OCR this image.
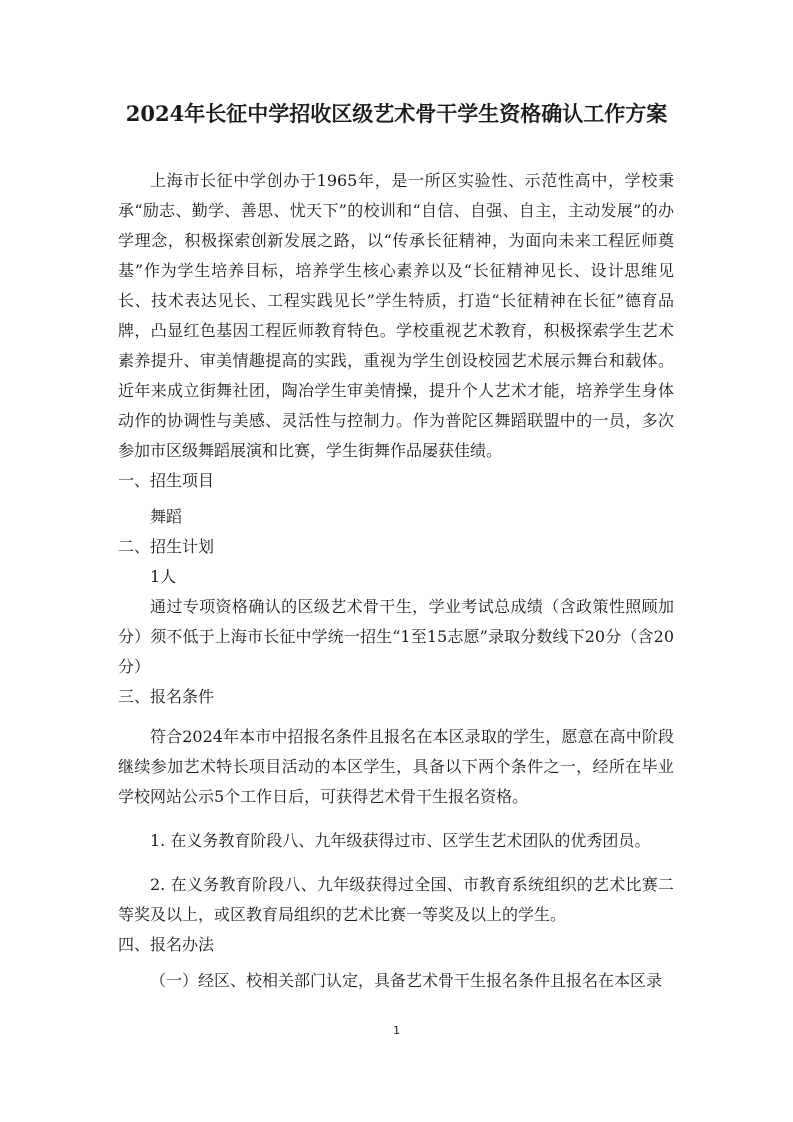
2024年长征中学招收区级艺术骨干学生资格确认工作方案

上海市长征中学创办于1965年，是一所区实验性、示范性高中，学校秉承“励志、勤学、善思、忧天下”的校训和“自信、自强、自主，主动发展”的办学理念，积极探索创新发展之路，以“传承长征精神，为面向未来工程匠师奠基”作为学生培养目标，培养学生核心素养以及“长征精神见长、设计思维见长、技术表达见长、工程实践见长”学生特质，打造“长征精神在长征”德育品牌，凸显红色基因工程匠师教育特色。学校重视艺术教育，积极探索学生艺术素养提升、审美情趣提高的实践，重视为学生创设校园艺术展示舞台和载体。近年来成立街舞社团，陶冶学生审美情操，提升个人艺术才能，培养学生身体动作的协调性与美感、灵活性与控制力。作为普陀区舞蹈联盟中的一员，多次参加市区级舞蹈展演和比赛，学生街舞作品屡获佳绩。

一、招生项目

舞蹈

二、招生计划

1人

通过专项资格确认的区级艺术骨干生，学业考试总成绩（含政策性照顾加分）须不低于上海市长征中学统一招生“1至15志愿”录取分数线下20分（含20分）

三、报名条件

符合2024年本市中招报名条件且报名在本区录取的学生，愿意在高中阶段继续参加艺术特长项目活动的本区学生，具备以下两个条件之一，经所在毕业学校网站公示5个工作日后，可获得艺术骨干生报名资格。

1. 在义务教育阶段八、九年级获得过市、区学生艺术团队的优秀团员。

2. 在义务教育阶段八、九年级获得过全国、市教育系统组织的艺术比赛二等奖及以上，或区教育局组织的艺术比赛一等奖及以上的学生。

四、报名办法

（一）经区、校相关部门认定，具备艺术骨干生报名条件且报名在本区录

1
